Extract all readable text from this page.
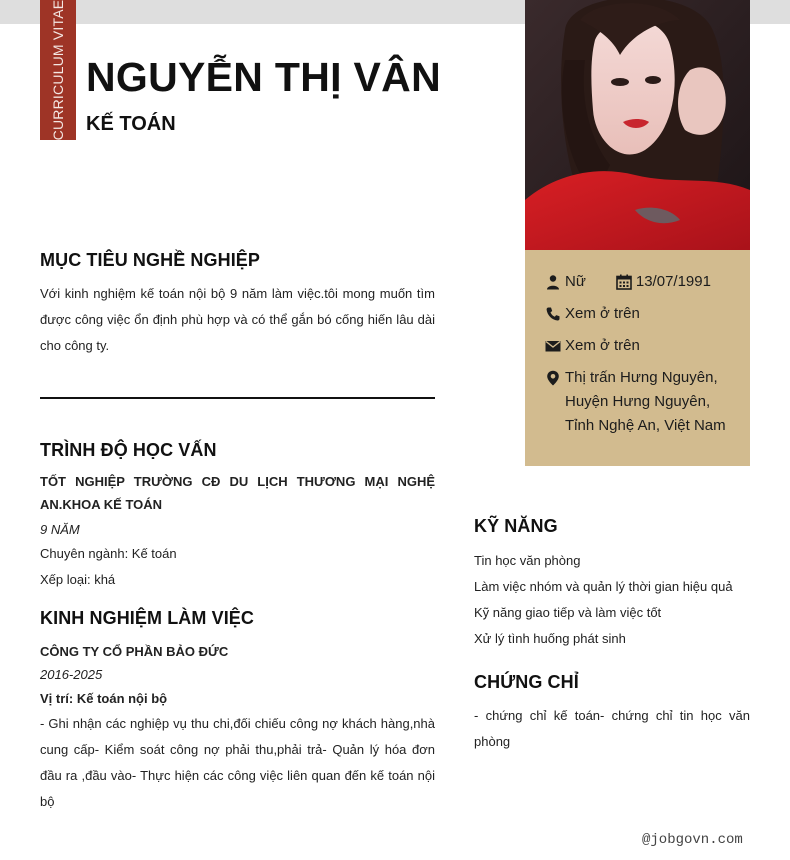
CURRICULUM VITAE NGUYỄN THỊ VÂN
KẾ TOÁN
Nữ	13/07/1991
Xem ở trên
Xem ở trên
Thị trấn Hưng Nguyên,
Huyện Hưng Nguyên,
Tỉnh Nghệ An, Việt Nam
MỤC TIÊU NGHỀ NGHIỆP
Với kinh nghiệm kế toán nội bộ 9 năm làm việc.tôi mong muốn tìm được công việc ổn định phù hợp và có thể gắn bó cống hiến lâu dài cho công ty.
TRÌNH ĐỘ HỌC VẤN
TỐT NGHIỆP TRƯỜNG CĐ DU LỊCH THƯƠNG MẠI NGHỆ AN.KHOA KẾ TOÁN
9 NĂM
Chuyên ngành: Kế toán
Xếp loại: khá
KINH NGHIỆM LÀM VIỆC
CÔNG TY CỔ PHẦN BẢO ĐỨC
2016-2025
Vị trí: Kế toán nội bộ
- Ghi nhận các nghiệp vụ thu chi,đối chiếu công nợ khách hàng,nhà cung cấp- Kiểm soát công nợ phải thu,phải trả- Quản lý hóa đơn đầu ra ,đầu vào- Thực hiện các công việc liên quan đến kế toán nội bộ
KỸ NĂNG
Tin học văn phòng
Làm việc nhóm và quản lý thời gian hiệu quả
Kỹ năng giao tiếp và làm việc tốt
Xử lý tình huống phát sinh
CHỨNG CHỈ
- chứng chỉ kế toán- chứng chỉ tin học văn phòng
@jobgovn.com
